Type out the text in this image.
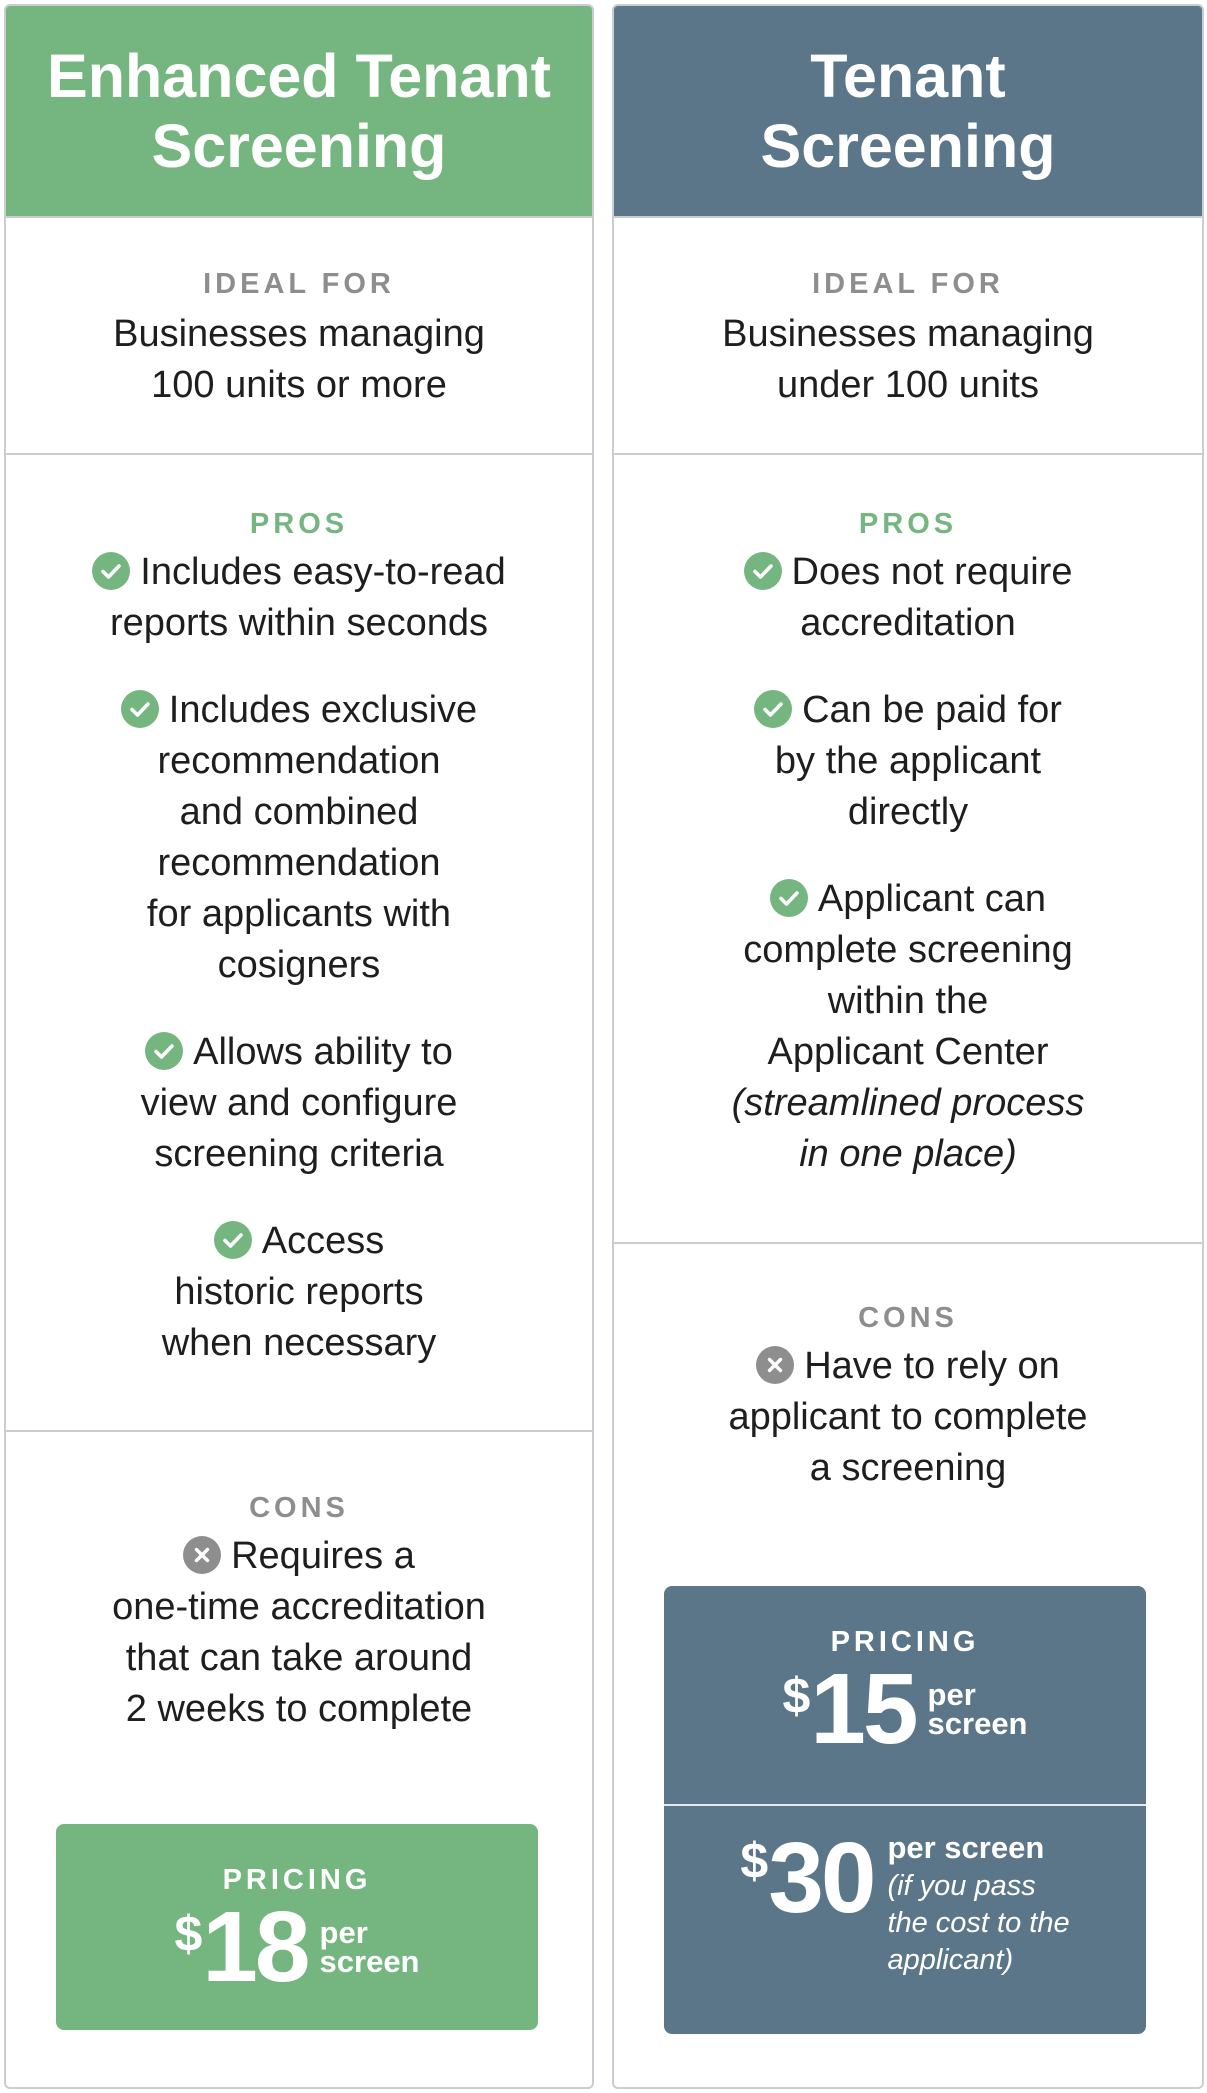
Enhanced Tenant
Screening
IDEAL FOR
Businesses managing
100 units or more
PROS
Includes easy-to-read
reports within seconds
Includes exclusive
recommendation
and combined
recommendation
for applicants with
cosigners
Allows ability to
view and configure
screening criteria
Access
historic reports
when necessary
CONS
Requires a
one-time accreditation
that can take around
2 weeks to complete
PRICING
$ 18 per
screen
Tenant
Screening
IDEAL FOR
Businesses managing
under 100 units
PROS
Does not require
accreditation
Can be paid for
by the applicant
directly
Applicant can
complete screening
within the
Applicant Center
(streamlined process
in one place)
CONS
Have to rely on
applicant to complete
a screening
PRICING
$ 15 per
screen
$ 30 per screen
(if you pass
the cost to the
applicant)
